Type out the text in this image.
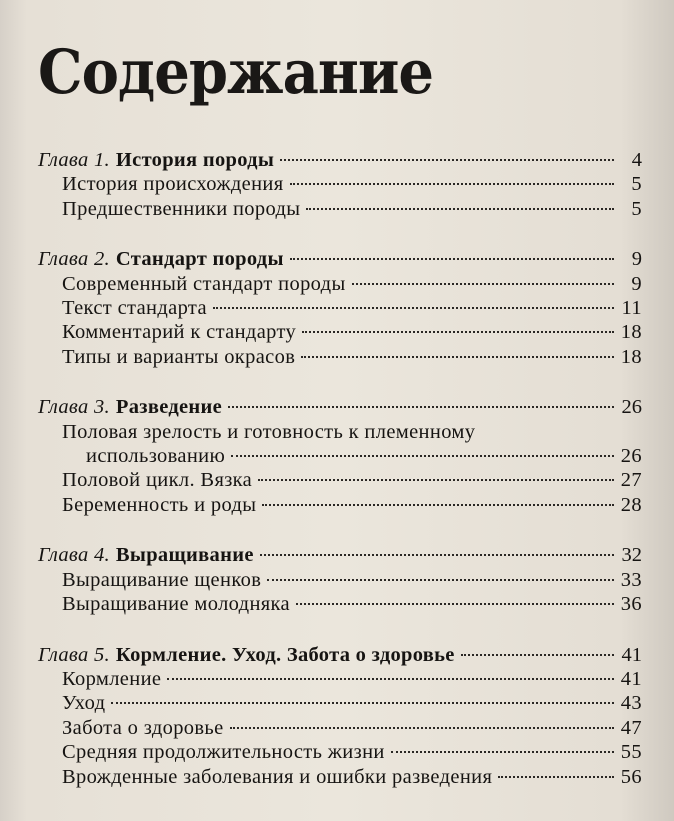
Содержание
Глава 1. История породы	4
История происхождения	5
Предшественники породы	5
Глава 2. Стандарт породы	9
Современный стандарт породы	9
Текст стандарта	11
Комментарий к стандарту	18
Типы и варианты окрасов	18
Глава 3. Разведение	26
Половая зрелость и готовность к племенному
использованию	26
Половой цикл. Вязка	27
Беременность и роды	28
Глава 4. Выращивание	32
Выращивание щенков	33
Выращивание молодняка	36
Глава 5. Кормление. Уход. Забота о здоровье	41
Кормление	41
Уход	43
Забота о здоровье	47
Средняя продолжительность жизни	55
Врожденные заболевания и ошибки разведения	56
